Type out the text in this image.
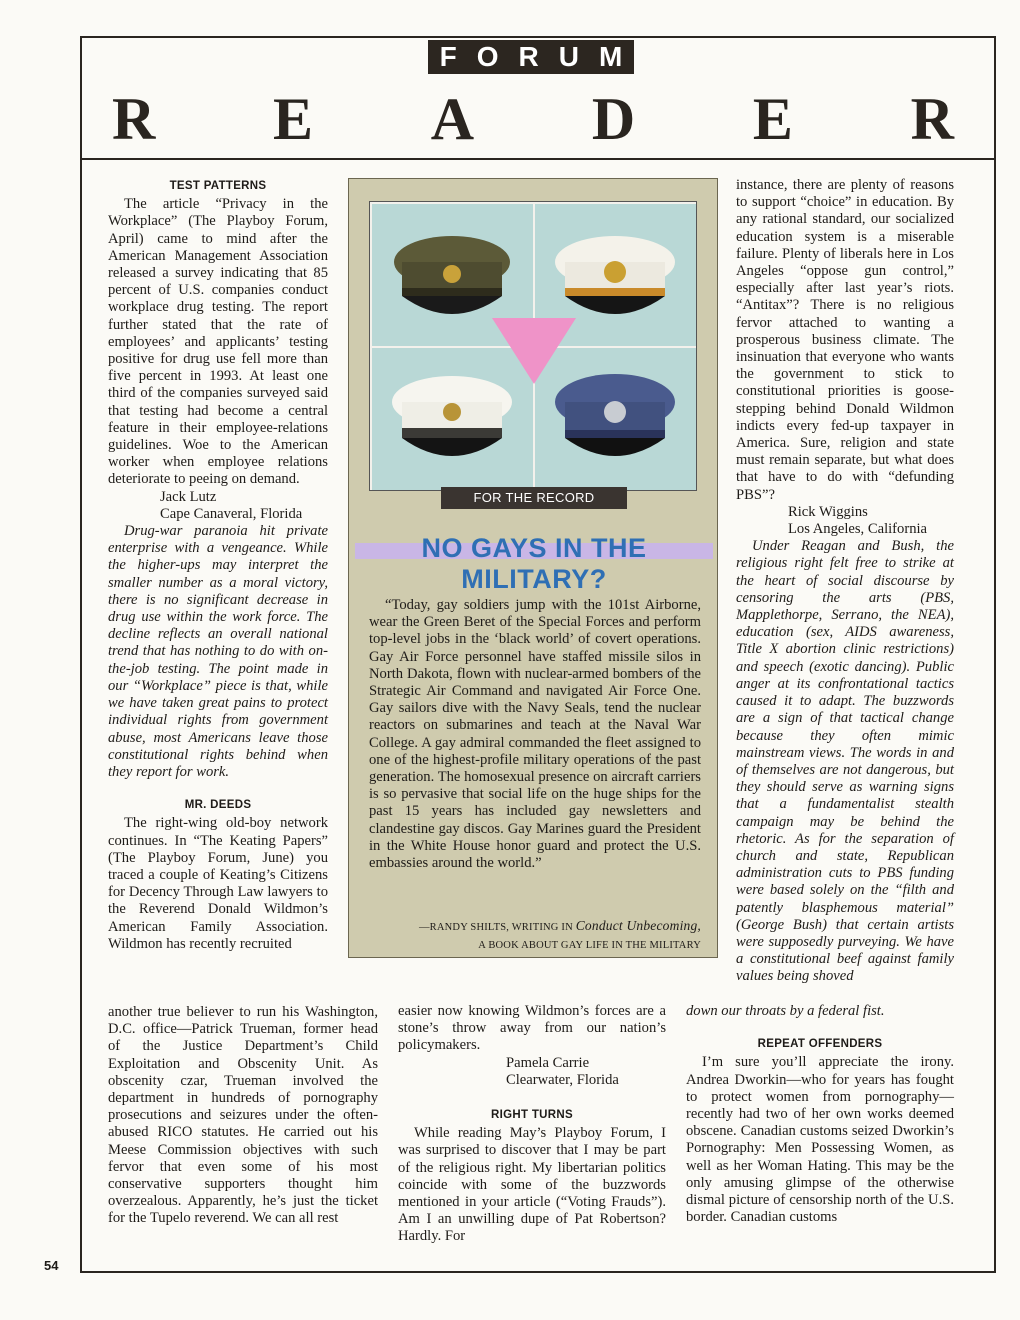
FORUM
R E A D E R
TEST PATTERNS

The article “Privacy in the Workplace” (The Playboy Forum, April) came to mind after the American Management Association released a survey indicating that 85 percent of U.S. companies conduct workplace drug testing. The report further stated that the rate of employees’ and applicants’ testing positive for drug use fell more than five percent in 1993. At least one third of the companies surveyed said that testing had become a central feature in their employee-relations guidelines. Woe to the American worker when employee relations deteriorate to peeing on demand.

Jack Lutz

Cape Canaveral, Florida

Drug-war paranoia hit private enterprise with a vengeance. While the higher-ups may interpret the smaller number as a moral victory, there is no significant decrease in drug use within the work force. The decline reflects an overall national trend that has nothing to do with on-the-job testing. The point made in our “Workplace” piece is that, while we have taken great pains to protect individual rights from government abuse, most Americans leave those constitutional rights behind when they report for work.

MR. DEEDS

The right-wing old-boy network continues. In “The Keating Papers” (The Playboy Forum, June) you traced a couple of Keating’s Citizens for Decency Through Law lawyers to the Reverend Donald Wildmon’s American Family Association. Wildmon has recently recruited

another true believer to run his Washington, D.C. office—Patrick Trueman, former head of the Justice Department’s Child Exploitation and Obscenity Unit. As obscenity czar, Trueman involved the department in hundreds of pornography prosecutions and seizures under the often-abused RICO statutes. He carried out his Meese Commission objectives with such fervor that even some of his most conservative supporters thought him overzealous. Apparently, he’s just the ticket for the Tupelo reverend. We can all rest

FOR THE RECORD
NO GAYS IN THE MILITARY?

“Today, gay soldiers jump with the 101st Airborne, wear the Green Beret of the Special Forces and perform top-level jobs in the ‘black world’ of covert operations. Gay Air Force personnel have staffed missile silos in North Dakota, flown with nuclear-armed bombers of the Strategic Air Command and navigated Air Force One. Gay sailors dive with the Navy Seals, tend the nuclear reactors on submarines and teach at the Naval War College. A gay admiral commanded the fleet assigned to one of the highest-profile military operations of the past generation. The homosexual presence on aircraft carriers is so pervasive that social life on the huge ships for the past 15 years has included gay newsletters and clandestine gay discos. Gay Marines guard the President in the White House honor guard and protect the U.S. embassies around the world.”

—RANDY SHILTS, WRITING IN Conduct Unbecoming,
A BOOK ABOUT GAY LIFE IN THE MILITARY

easier now knowing Wildmon’s forces are a stone’s throw away from our nation’s policymakers.

Pamela Carrie

Clearwater, Florida

RIGHT TURNS

While reading May’s Playboy Forum, I was surprised to discover that I may be part of the religious right. My libertarian politics coincide with some of the buzzwords mentioned in your article (“Voting Frauds”). Am I an unwilling dupe of Pat Robertson? Hardly. For

instance, there are plenty of reasons to support “choice” in education. By any rational standard, our socialized education system is a miserable failure. Plenty of liberals here in Los Angeles “oppose gun control,” especially after last year’s riots. “Antitax”? There is no religious fervor attached to wanting a prosperous business climate. The insinuation that everyone who wants the government to stick to constitutional priorities is goose-stepping behind Donald Wildmon indicts every fed-up taxpayer in America. Sure, religion and state must remain separate, but what does that have to do with “defunding PBS”?

Rick Wiggins

Los Angeles, California

Under Reagan and Bush, the religious right felt free to strike at the heart of social discourse by censoring the arts (PBS, Mapplethorpe, Serrano, the NEA), education (sex, AIDS awareness, Title X abortion clinic restrictions) and speech (exotic dancing). Public anger at its confrontational tactics caused it to adapt. The buzzwords are a sign of that tactical change because they often mimic mainstream views. The words in and of themselves are not dangerous, but they should serve as warning signs that a fundamentalist stealth campaign may be behind the rhetoric. As for the separation of church and state, Republican administration cuts to PBS funding were based solely on the “filth and patently blasphemous material” (George Bush) that certain artists were supposedly purveying. We have a constitutional beef against family values being shoved

down our throats by a federal fist.

REPEAT OFFENDERS

I’m sure you’ll appreciate the irony. Andrea Dworkin—who for years has fought to protect women from pornography—recently had two of her own works deemed obscene. Canadian customs seized Dworkin’s Pornography: Men Possessing Women, as well as her Woman Hating. This may be the only amusing glimpse of the otherwise dismal picture of censorship north of the U.S. border. Canadian customs

54
